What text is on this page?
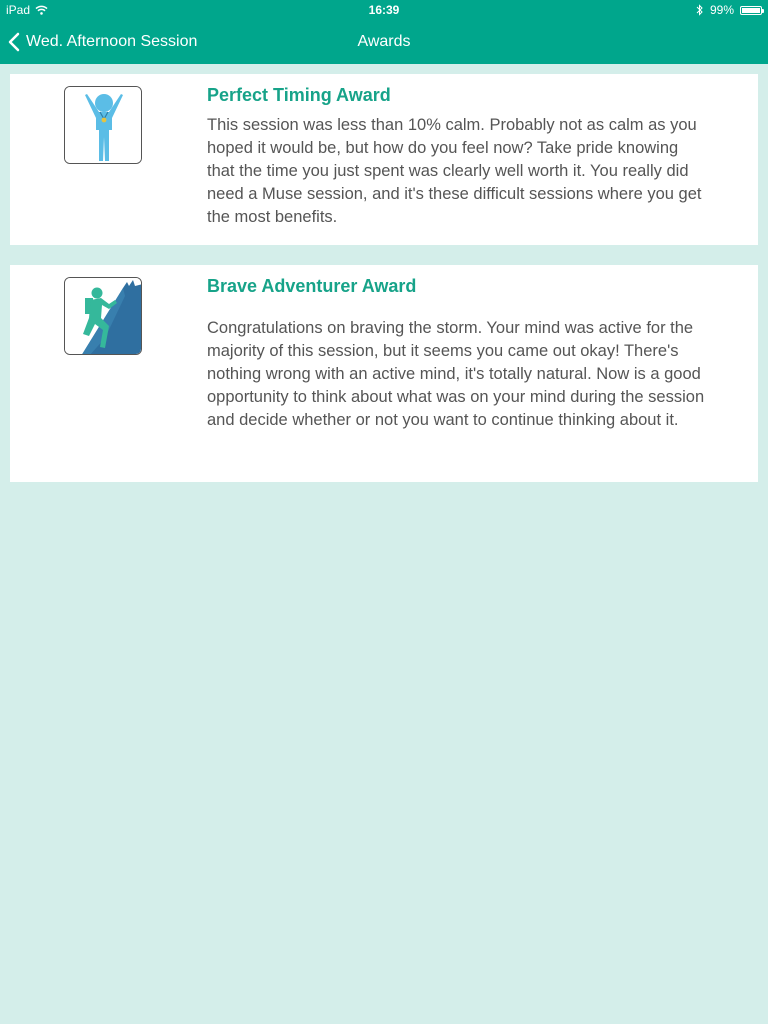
iPad	16:39	99%
Wed. Afternoon Session	Awards
Perfect Timing Award

This session was less than 10% calm. Probably not as calm as you hoped it would be, but how do you feel now? Take pride knowing that the time you just spent was clearly well worth it. You really did need a Muse session, and it's these difficult sessions where you get the most benefits.

Brave Adventurer Award

Congratulations on braving the storm. Your mind was active for the majority of this session, but it seems you came out okay! There's nothing wrong with an active mind, it's totally natural. Now is a good opportunity to think about what was on your mind during the session and decide whether or not you want to continue thinking about it.
